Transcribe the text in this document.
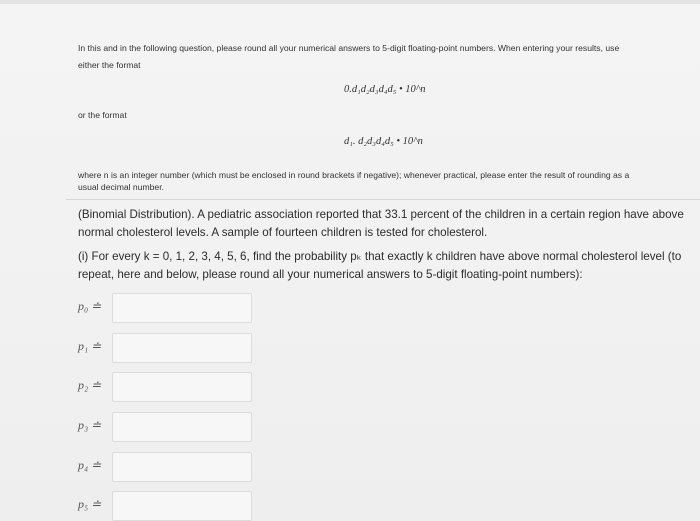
In this and in the following question, please round all your numerical answers to 5-digit floating-point numbers. When entering your results, use
either the format
0.d₁d₂d₃d₄d₅ • 10^n
or the format
d₁. d₂d₃d₄d₅ • 10^n
where n is an integer number (which must be enclosed in round brackets if negative); whenever practical, please enter the result of rounding as a
usual decimal number.
(Binomial Distribution). A pediatric association reported that 33.1 percent of the children in a certain region have above normal cholesterol levels. A sample of fourteen children is tested for cholesterol.
(i) For every k = 0, 1, 2, 3, 4, 5, 6, find the probability pₖ that exactly k children have above normal cholesterol level (to repeat, here and below, please round all your numerical answers to 5-digit floating-point numbers):
p₀ ≐
p₁ ≐
p₂ ≐
p₃ ≐
p₄ ≐
p₅ ≐
